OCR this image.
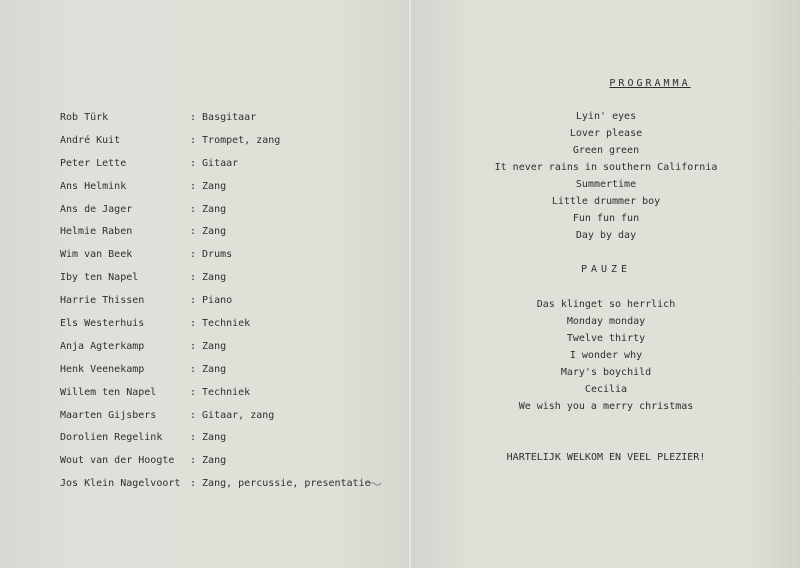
Rob Türk	: Basgitaar
André Kuit	: Trompet, zang
Peter Lette	: Gitaar
Ans Helmink	: Zang
Ans de Jager	: Zang
Helmie Raben	: Zang
Wim van Beek	: Drums
Iby ten Napel	: Zang
Harrie Thissen	: Piano
Els Westerhuis	: Techniek
Anja Agterkamp	: Zang
Henk Veenekamp	: Zang
Willem ten Napel	: Techniek
Maarten Gijsbers	: Gitaar, zang
Dorolien Regelink	: Zang
Wout van der Hoogte : Zang
Jos Klein Nagelvoort : Zang, percussie, presentatie
PROGRAMMA
Lyin' eyes
Lover please
Green green
It never rains in southern California
Summertime
Little drummer boy
Fun fun fun
Day by day
PAUZE
Das klinget so herrlich
Monday monday
Twelve thirty
I wonder why
Mary's boychild
Cecilia
We wish you a merry christmas
HARTELIJK WELKOM EN VEEL PLEZIER!
